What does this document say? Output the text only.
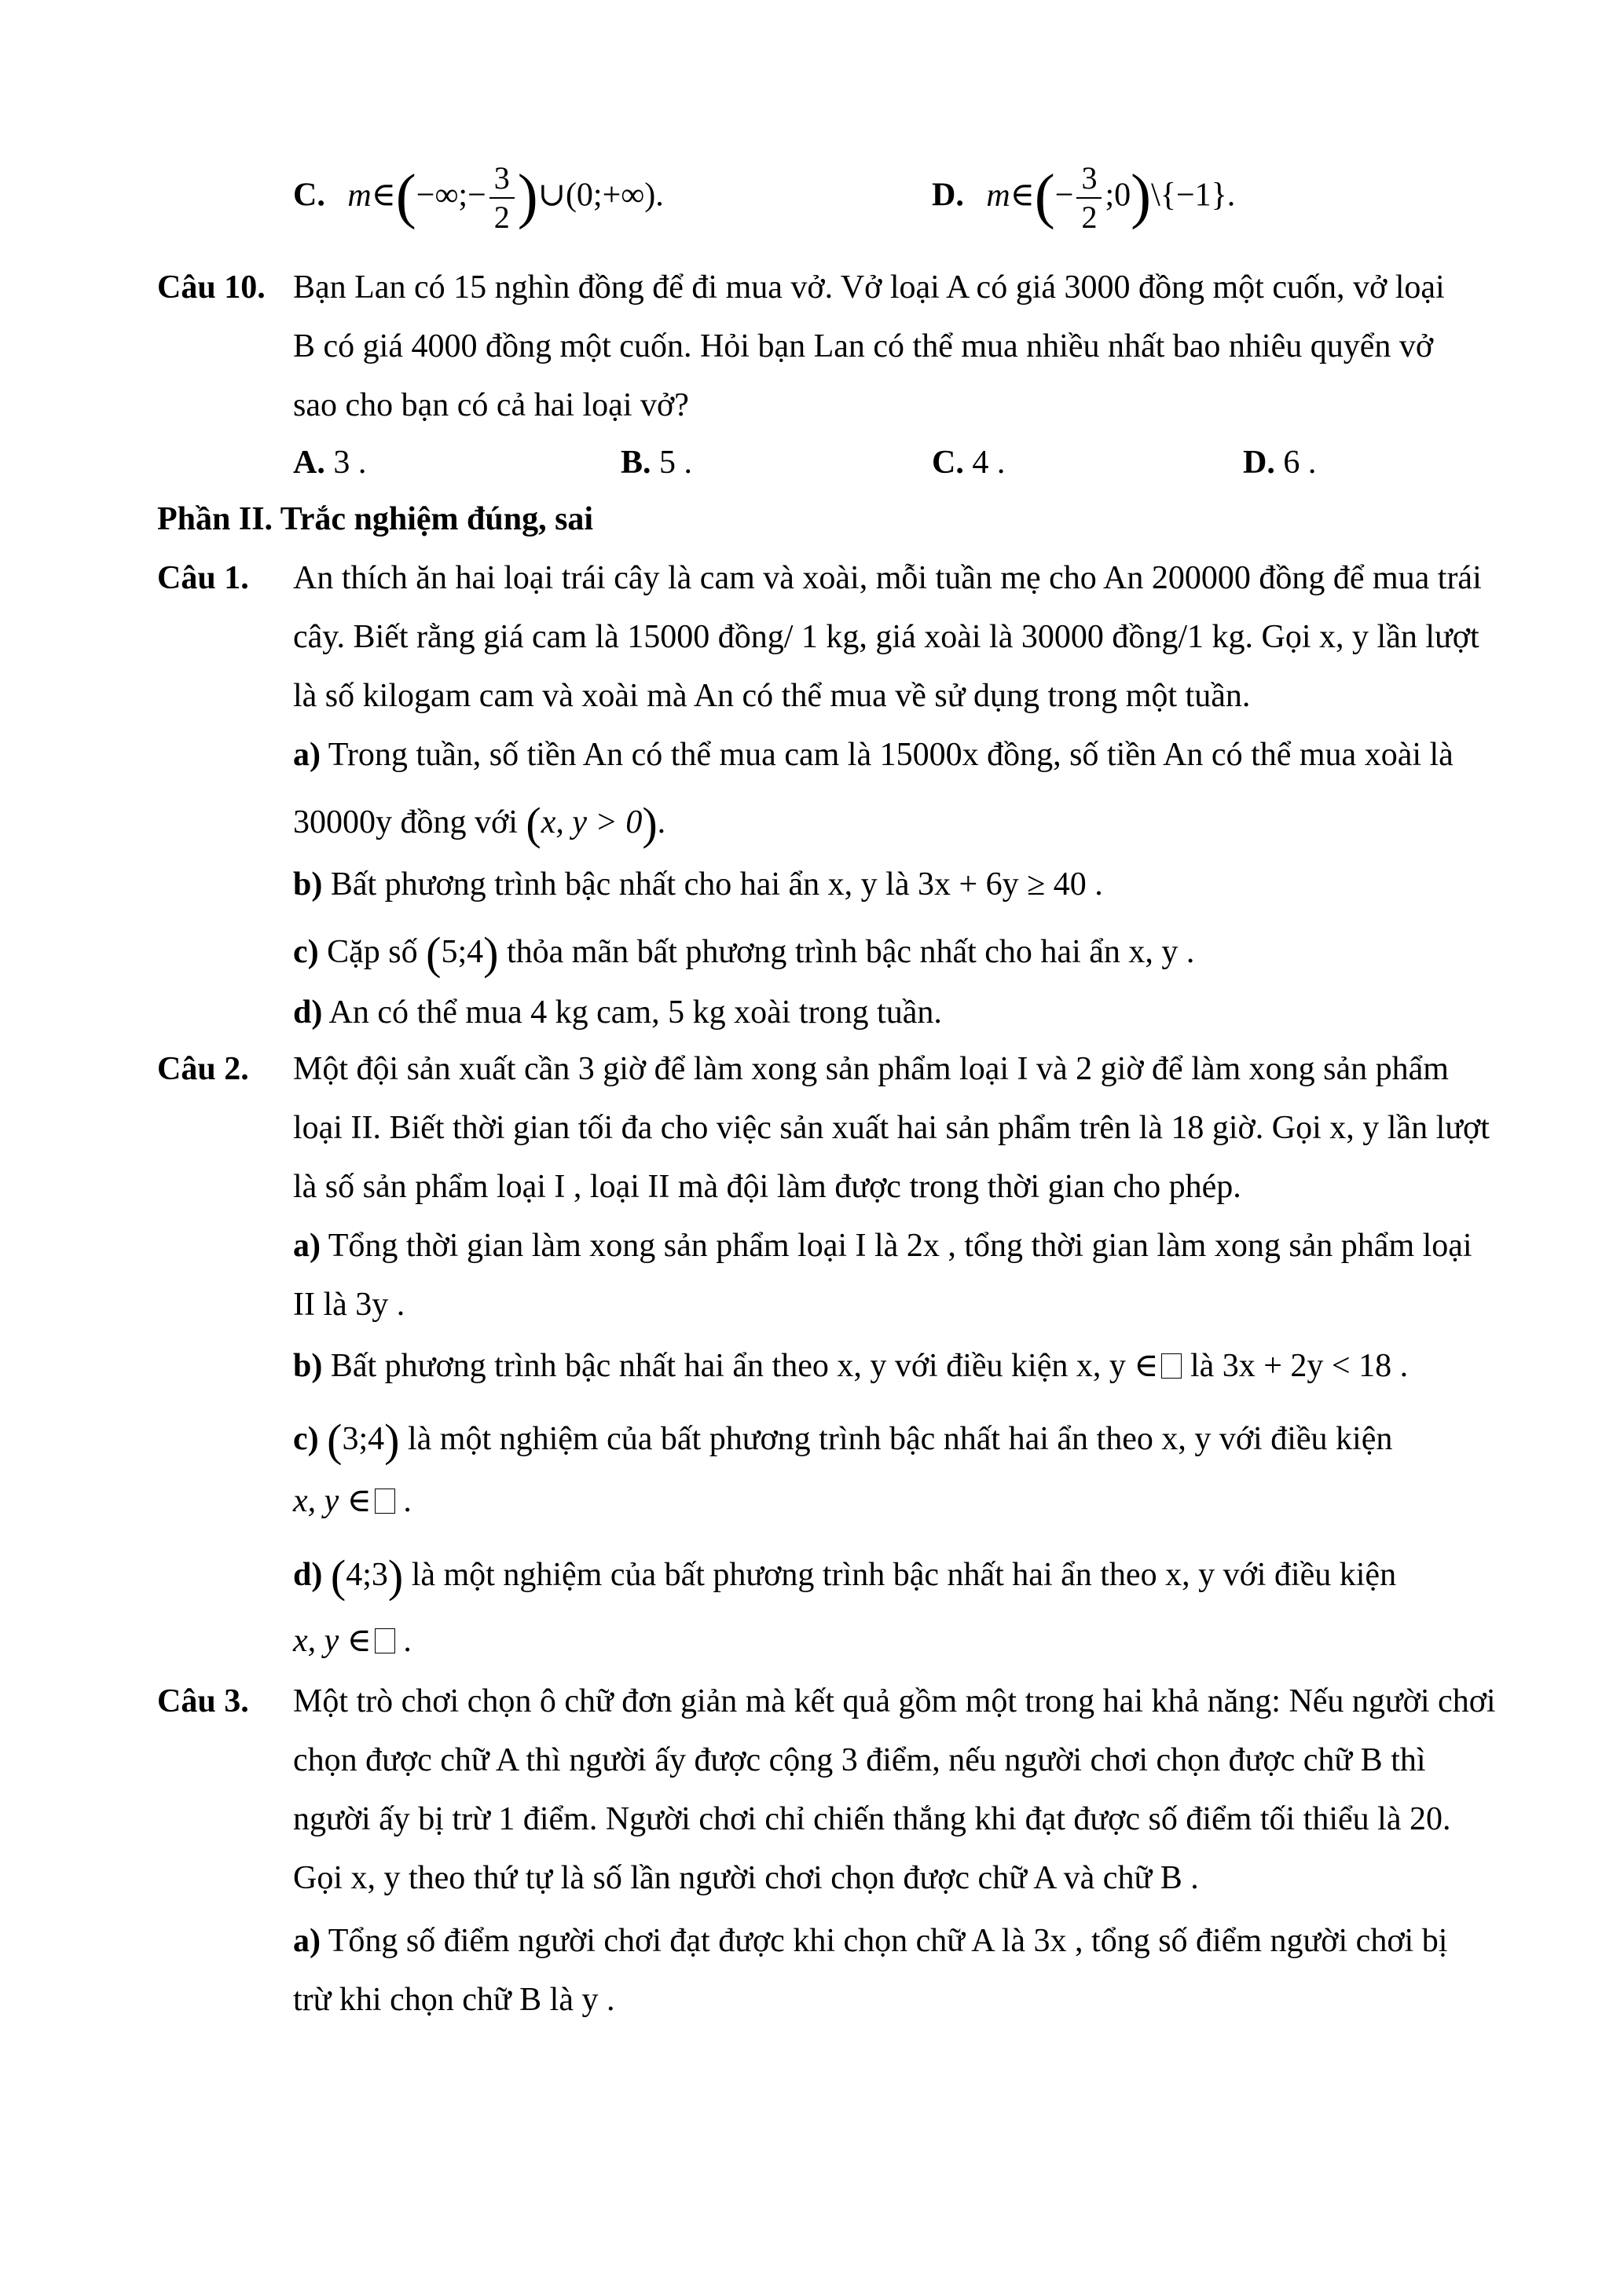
C. m∈(−∞;− $\frac{3}{2}$ )∪(0;+∞).	D. m∈(− $\frac{3}{2}$ ;0)\{−1}.
Câu 10. Bạn Lan có 15 nghìn đồng để đi mua vở. Vở loại A có giá 3000 đồng một cuốn, vở loại
B có giá 4000 đồng một cuốn. Hỏi bạn Lan có thể mua nhiều nhất bao nhiêu quyển vở
sao cho bạn có cả hai loại vở?
A. 3 .	B. 5 .	C. 4 .	D. 6 .
Phần II. Trắc nghiệm đúng, sai
Câu 1. An thích ăn hai loại trái cây là cam và xoài, mỗi tuần mẹ cho An 200000 đồng để mua trái
cây. Biết rằng giá cam là 15000 đồng/ 1 kg, giá xoài là 30000 đồng/1 kg. Gọi x, y lần lượt
là số kilogam cam và xoài mà An có thể mua về sử dụng trong một tuần.
a) Trong tuần, số tiền An có thể mua cam là 15000x đồng, số tiền An có thể mua xoài là
30000y đồng với (x, y > 0).
b) Bất phương trình bậc nhất cho hai ẩn x, y là 3x + 6y ≥ 40 .
c) Cặp số (5;4) thỏa mãn bất phương trình bậc nhất cho hai ẩn x, y .
d) An có thể mua 4 kg cam, 5 kg xoài trong tuần.
Câu 2. Một đội sản xuất cần 3 giờ để làm xong sản phẩm loại I và 2 giờ để làm xong sản phẩm
loại II. Biết thời gian tối đa cho việc sản xuất hai sản phẩm trên là 18 giờ. Gọi x, y lần lượt
là số sản phẩm loại I , loại II mà đội làm được trong thời gian cho phép.
a) Tổng thời gian làm xong sản phẩm loại I là 2x , tổng thời gian làm xong sản phẩm loại
II là 3y .
b) Bất phương trình bậc nhất hai ẩn theo x, y với điều kiện x, y ∈ là 3x + 2y < 18 .
c) (3;4) là một nghiệm của bất phương trình bậc nhất hai ẩn theo x, y với điều kiện
x, y ∈ .
d) (4;3) là một nghiệm của bất phương trình bậc nhất hai ẩn theo x, y với điều kiện
x, y ∈ .
Câu 3. Một trò chơi chọn ô chữ đơn giản mà kết quả gồm một trong hai khả năng: Nếu người chơi
chọn được chữ A thì người ấy được cộng 3 điểm, nếu người chơi chọn được chữ B thì
người ấy bị trừ 1 điểm. Người chơi chỉ chiến thắng khi đạt được số điểm tối thiểu là 20.
Gọi x, y theo thứ tự là số lần người chơi chọn được chữ A và chữ B .
a) Tổng số điểm người chơi đạt được khi chọn chữ A là 3x , tổng số điểm người chơi bị
trừ khi chọn chữ B là y .
